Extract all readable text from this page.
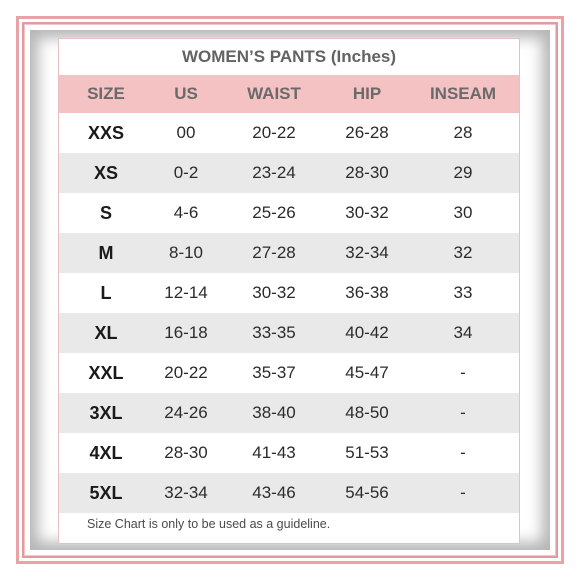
WOMEN’S PANTS (Inches)
SIZE	US	WAIST	HIP	INSEAM
XXS	00	20-22	26-28	28
XS	0-2	23-24	28-30	29
S	4-6	25-26	30-32	30
M	8-10	27-28	32-34	32
L	12-14	30-32	36-38	33
XL	16-18	33-35	40-42	34
XXL	20-22	35-37	45-47	-
3XL	24-26	38-40	48-50	-
4XL	28-30	41-43	51-53	-
5XL	32-34	43-46	54-56	-
Size Chart is only to be used as a guideline.
